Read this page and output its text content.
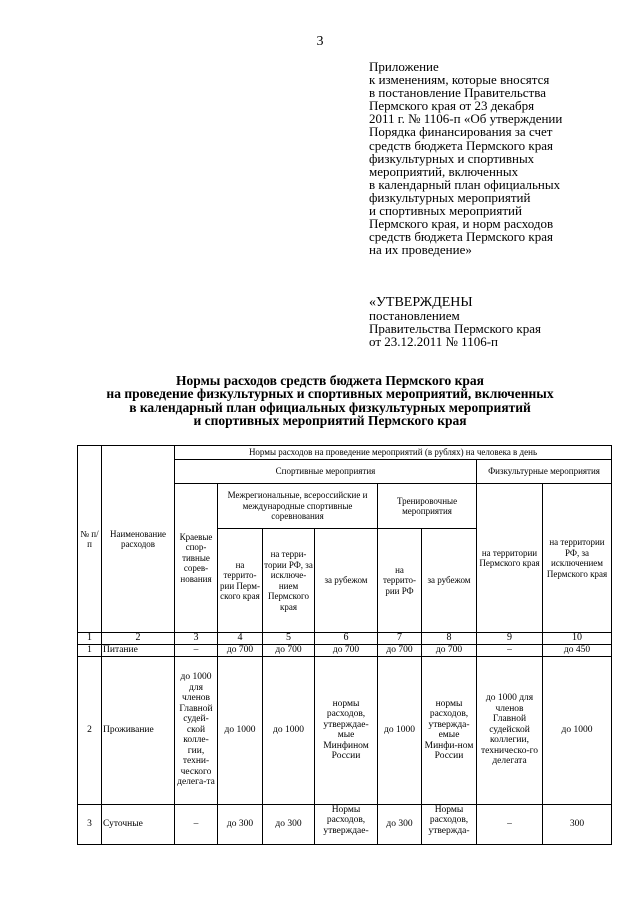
3
Приложение
к изменениям, которые вносятся
в постановление Правительства
Пермского края от 23 декабря
2011 г. № 1106-п «Об утверждении
Порядка финансирования за счет
средств бюджета Пермского края
физкультурных и спортивных
мероприятий, включенных
в календарный план официальных
физкультурных мероприятий
и спортивных мероприятий
Пермского края, и норм расходов
средств бюджета Пермского края
на их проведение»
«УТВЕРЖДЕНЫ
постановлением
Правительства Пермского края
от 23.12.2011 № 1106-п
Нормы расходов средств бюджета Пермского края
на проведение физкультурных и спортивных мероприятий, включенных
в календарный план официальных физкультурных мероприятий
и спортивных мероприятий Пермского края
№ п/п	Наименование расходов	Нормы расходов на проведение мероприятий (в рублях) на человека в день							
		Спортивные мероприятия						Физкультурные мероприятия	
		Краевые спор-тивные сорев-нования	Межрегиональные, всероссийские и международные спортивные соревнования			Тренировочные мероприятия		на территории Пермского края	на территории РФ, за исключением Пермского края
			на террито-рии Перм-ского края	на терри-тории РФ, за исключе-нием Пермского края	за рубежом	на террито-рии РФ	за рубежом		
1	2	3	4	5	6	7	8	9	10
1	Питание	–	до 700	до 700	до 700	до 700	до 700	–	до 450
2	Проживание	до 1000 для членов Главной судей-ской колле-гии, техни-ческого делега-та	до 1000	до 1000	нормы расходов, утверждае-мые Минфином России	до 1000	нормы расходов, утвержда-емые Минфи-ном России	до 1000 для членов Главной судейской коллегии, техническо-го делегата	до 1000
3	Суточные	–	до 300	до 300	Нормы расходов, утверждае-	до 300	Нормы расходов, утвержда-	–	300
